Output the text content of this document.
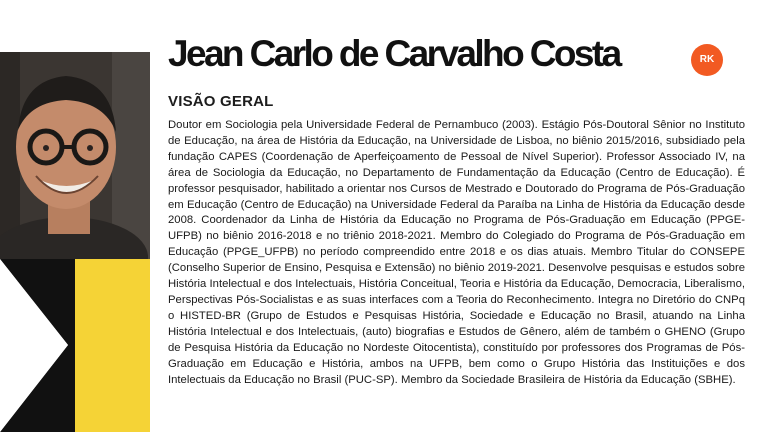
Jean Carlo de Carvalho Costa	RK
VISÃO GERAL

Doutor em Sociologia pela Universidade Federal de Pernambuco (2003). Estágio Pós-Doutoral Sênior no Instituto de Educação, na área de História da Educação, na Universidade de Lisboa, no biênio 2015/2016, subsidiado pela fundação CAPES (Coordenação de Aperfeiçoamento de Pessoal de Nível Superior). Professor Associado IV, na área de Sociologia da Educação, no Departamento de Fundamentação da Educação (Centro de Educação). É professor pesquisador, habilitado a orientar nos Cursos de Mestrado e Doutorado do Programa de Pós-Graduação em Educação (Centro de Educação) na Universidade Federal da Paraíba na Linha de História da Educação desde 2008. Coordenador da Linha de História da Educação no Programa de Pós-Graduação em Educação (PPGE-UFPB) no biênio 2016-2018 e no triênio 2018-2021. Membro do Colegiado do Programa de Pós-Graduação em Educação (PPGE_UFPB) no período compreendido entre 2018 e os dias atuais. Membro Titular do CONSEPE (Conselho Superior de Ensino, Pesquisa e Extensão) no biênio 2019-2021. Desenvolve pesquisas e estudos sobre História Intelectual e dos Intelectuais, História Conceitual, Teoria e História da Educação, Democracia, Liberalismo, Perspectivas Pós-Socialistas e as suas interfaces com a Teoria do Reconhecimento. Integra no Diretório do CNPq o HISTED-BR (Grupo de Estudos e Pesquisas História, Sociedade e Educação no Brasil, atuando na Linha História Intelectual e dos Intelectuais, (auto) biografias e Estudos de Gênero, além de também o GHENO (Grupo de Pesquisa História da Educação no Nordeste Oitocentista), constituído por professores dos Programas de Pós-Graduação em Educação e História, ambos na UFPB, bem como o Grupo História das Instituições e dos Intelectuais da Educação no Brasil (PUC-SP). Membro da Sociedade Brasileira de História da Educação (SBHE).
